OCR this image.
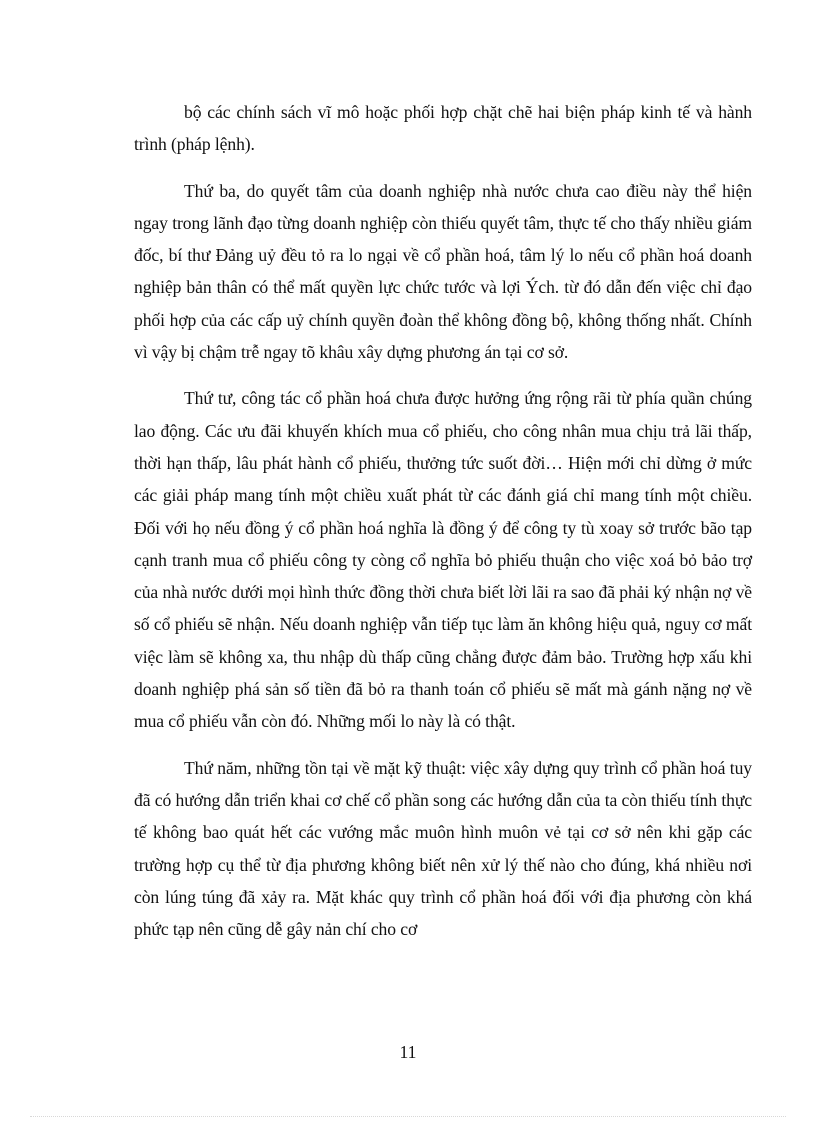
bộ các chính sách vĩ mô hoặc phối hợp chặt chẽ hai biện pháp kinh tế và hành trình (pháp lệnh).

Thứ ba, do quyết tâm của doanh nghiệp nhà nước chưa cao điều này thể hiện ngay trong lãnh đạo từng doanh nghiệp còn thiếu quyết tâm, thực tế cho thấy nhiều giám đốc, bí thư Đảng uỷ đều tỏ ra lo ngại về cổ phần hoá, tâm lý lo nếu cổ phần hoá doanh nghiệp bản thân có thể mất quyền lực chức tước và lợi Ých. từ đó dẫn đến việc chỉ đạo phối hợp của các cấp uỷ chính quyền đoàn thể không đồng bộ, không thống nhất. Chính vì vậy bị chậm trễ ngay tõ khâu xây dựng phương án tại cơ sở.

Thứ tư, công tác cổ phần hoá chưa được hưởng ứng rộng rãi từ phía quần chúng lao động. Các ưu đãi khuyến khích mua cổ phiếu, cho công nhân mua chịu trả lãi thấp, thời hạn thấp, lâu phát hành cổ phiếu, thưởng tức suốt đời… Hiện mới chỉ dừng ở mức các giải pháp mang tính một chiều xuất phát từ các đánh giá chỉ mang tính một chiều. Đối với họ nếu đồng ý cổ phần hoá nghĩa là đồng ý để công ty tù xoay sở trước bão tạp cạnh tranh mua cổ phiếu công ty còng cổ nghĩa bỏ phiếu thuận cho việc xoá bỏ bảo trợ của nhà nước dưới mọi hình thức đồng thời chưa biết lời lãi ra sao đã phải ký nhận nợ về số cổ phiếu sẽ nhận. Nếu doanh nghiệp vẫn tiếp tục làm ăn không hiệu quả, nguy cơ mất việc làm sẽ không xa, thu nhập dù thấp cũng chẳng được đảm bảo. Trường hợp xấu khi doanh nghiệp phá sản số tiền đã bỏ ra thanh toán cổ phiếu sẽ mất mà gánh nặng nợ về mua cổ phiếu vẫn còn đó. Những mối lo này là có thật.

Thứ năm, những tồn tại về mặt kỹ thuật: việc xây dựng quy trình cổ phần hoá tuy đã có hướng dẫn triển khai cơ chế cổ phần song các hướng dẫn của ta còn thiếu tính thực tế không bao quát hết các vướng mắc muôn hình muôn vẻ tại cơ sở nên khi gặp các trường hợp cụ thể từ địa phương không biết nên xử lý thế nào cho đúng, khá nhiều nơi còn lúng túng đã xảy ra. Mặt khác quy trình cổ phần hoá đối với địa phương còn khá phức tạp nên cũng dễ gây nản chí cho cơ

11
